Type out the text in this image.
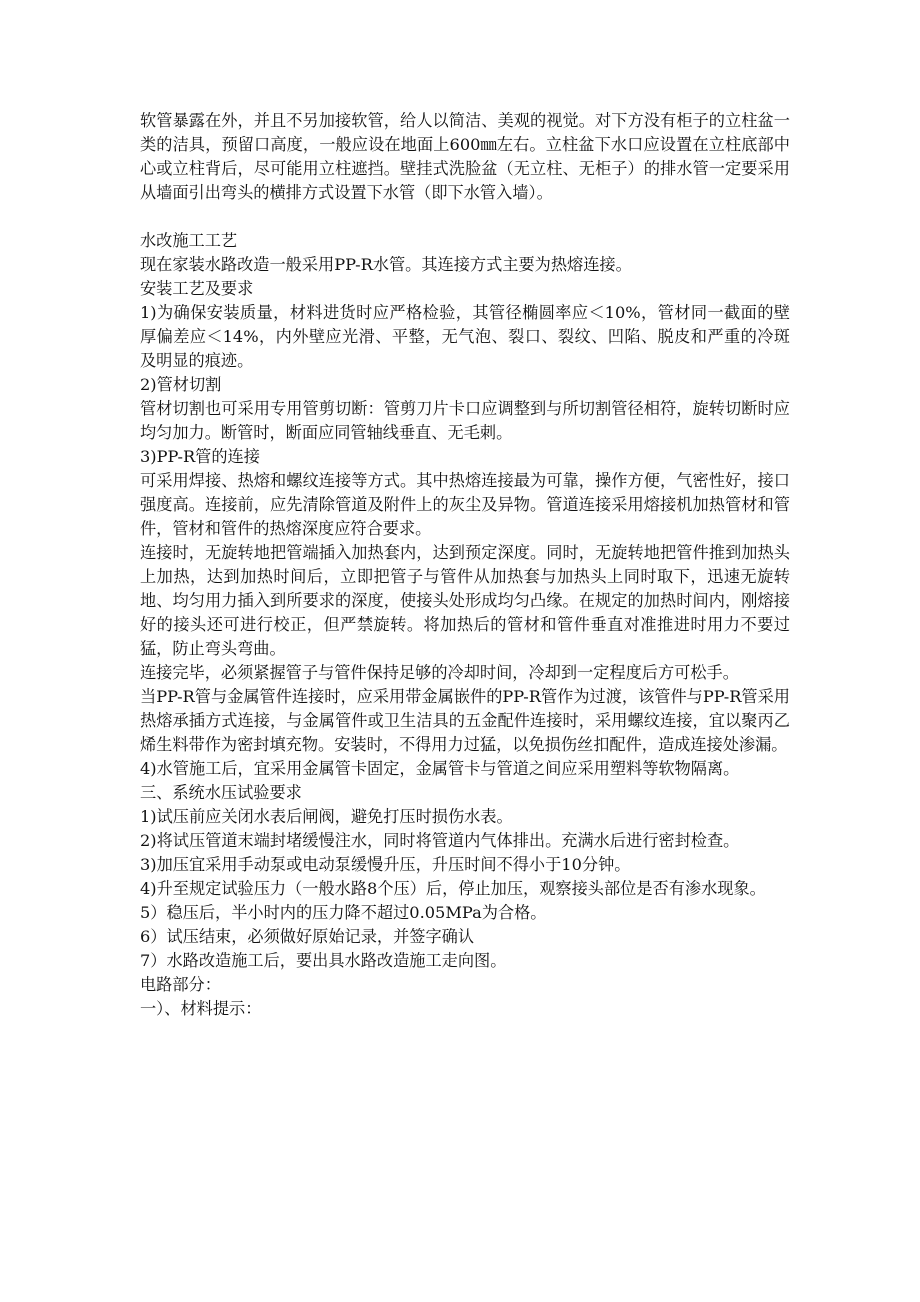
软管暴露在外，并且不另加接软管，给人以简洁、美观的视觉。对下方没有柜子的立柱盆一类的洁具，预留口高度，一般应设在地面上600㎜左右。立柱盆下水口应设置在立柱底部中心或立柱背后，尽可能用立柱遮挡。壁挂式洗脸盆（无立柱、无柜子）的排水管一定要采用从墙面引出弯头的横排方式设置下水管（即下水管入墙）。

水改施工工艺

现在家装水路改造一般采用PP-R水管。其连接方式主要为热熔连接。

安装工艺及要求

1)为确保安装质量，材料进货时应严格检验，其管径椭圆率应＜10%，管材同一截面的壁厚偏差应＜14%，内外壁应光滑、平整，无气泡、裂口、裂纹、凹陷、脱皮和严重的冷斑及明显的痕迹。

2)管材切割

管材切割也可采用专用管剪切断：管剪刀片卡口应调整到与所切割管径相符，旋转切断时应均匀加力。断管时，断面应同管轴线垂直、无毛刺。

3)PP-R管的连接

可采用焊接、热熔和螺纹连接等方式。其中热熔连接最为可靠，操作方便，气密性好，接口强度高。连接前，应先清除管道及附件上的灰尘及异物。管道连接采用熔接机加热管材和管件，管材和管件的热熔深度应符合要求。

连接时，无旋转地把管端插入加热套内，达到预定深度。同时，无旋转地把管件推到加热头上加热，达到加热时间后，立即把管子与管件从加热套与加热头上同时取下，迅速无旋转地、均匀用力插入到所要求的深度，使接头处形成均匀凸缘。在规定的加热时间内，刚熔接好的接头还可进行校正，但严禁旋转。将加热后的管材和管件垂直对准推进时用力不要过猛，防止弯头弯曲。

连接完毕，必须紧握管子与管件保持足够的冷却时间，冷却到一定程度后方可松手。

当PP-R管与金属管件连接时，应采用带金属嵌件的PP-R管作为过渡，该管件与PP-R管采用热熔承插方式连接，与金属管件或卫生洁具的五金配件连接时，采用螺纹连接，宜以聚丙乙烯生料带作为密封填充物。安装时，不得用力过猛，以免损伤丝扣配件，造成连接处渗漏。

4)水管施工后，宜采用金属管卡固定，金属管卡与管道之间应采用塑料等软物隔离。

三、系统水压试验要求

1)试压前应关闭水表后闸阀，避免打压时损伤水表。

2)将试压管道末端封堵缓慢注水，同时将管道内气体排出。充满水后进行密封检查。

3)加压宜采用手动泵或电动泵缓慢升压，升压时间不得小于10分钟。

4)升至规定试验压力（一般水路8个压）后，停止加压，观察接头部位是否有渗水现象。

5）稳压后，半小时内的压力降不超过0.05MPa为合格。

6）试压结束，必须做好原始记录，并签字确认

7）水路改造施工后，要出具水路改造施工走向图。

电路部分：

一）、材料提示：
